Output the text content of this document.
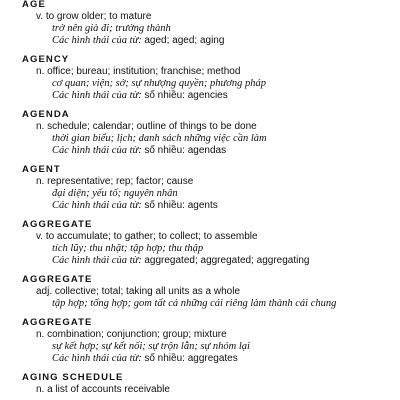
AGE
v. to grow older; to mature
trở nên già đi; trưởng thành
Các hình thái của từ: aged; aged; aging
AGENCY
n. office; bureau; institution; franchise; method
cơ quan; viện; sở; sự nhượng quyền; phương pháp
Các hình thái của từ: số nhiều: agencies
AGENDA
n. schedule; calendar; outline of things to be done
thời gian biểu; lịch; danh sách những việc cần làm
Các hình thái của từ: số nhiều: agendas
AGENT
n. representative; rep; factor; cause
đại diện; yếu tố; nguyên nhân
Các hình thái của từ: số nhiều: agents
AGGREGATE
v. to accumulate; to gather; to collect; to assemble
tích lũy; thu nhặt; tập hợp; thu thập
Các hình thái của từ: aggregated; aggregated; aggregating
AGGREGATE
adj. collective; total; taking all units as a whole
tập hợp; tổng hợp; gom tất cả những cái riêng làm thành cái chung
AGGREGATE
n. combination; conjunction; group; mixture
sự kết hợp; sự kết nối; sự trộn lẫn; sự nhóm lại
Các hình thái của từ: số nhiều: aggregates
AGING SCHEDULE
n. a list of accounts receivable
